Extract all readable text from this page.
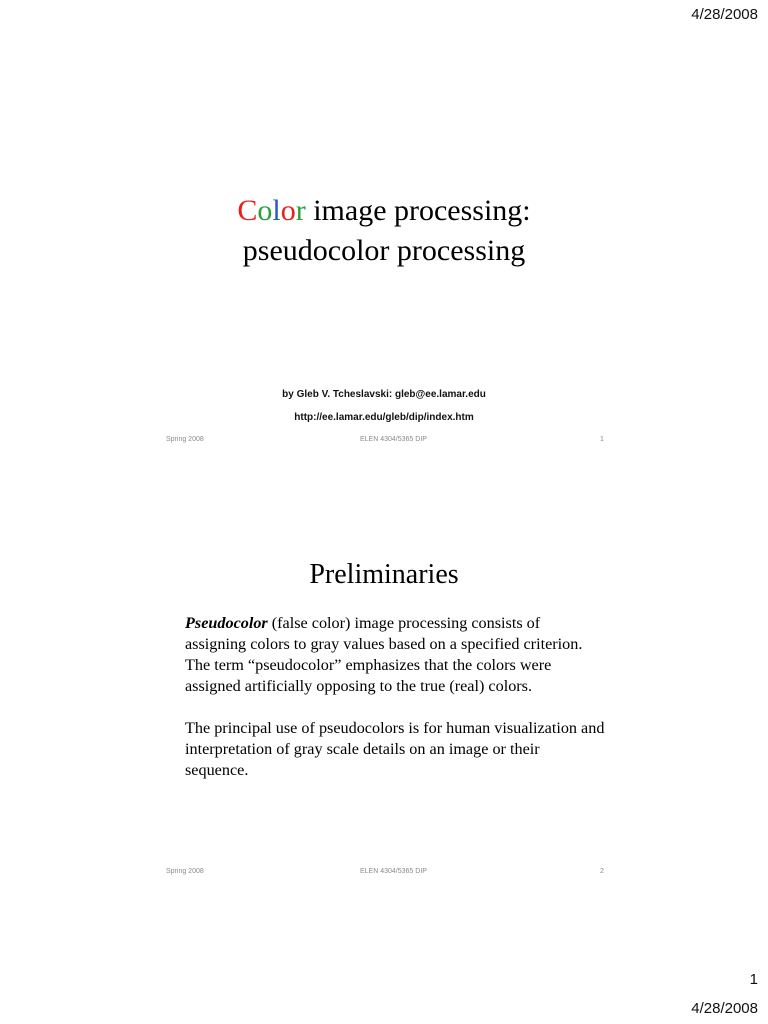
4/28/2008
Color image processing:
pseudocolor processing
by Gleb V. Tcheslavski: gleb@ee.lamar.edu
http://ee.lamar.edu/gleb/dip/index.htm
Spring 2008	ELEN 4304/5365 DIP	1
Preliminaries

Pseudocolor (false color) image processing consists of assigning colors to gray values based on a specified criterion. The term “pseudocolor” emphasizes that the colors were assigned artificially opposing to the true (real) colors.

The principal use of pseudocolors is for human visualization and interpretation of gray scale details on an image or their sequence.

Spring 2008	ELEN 4304/5365 DIP	2
1
4/28/2008
